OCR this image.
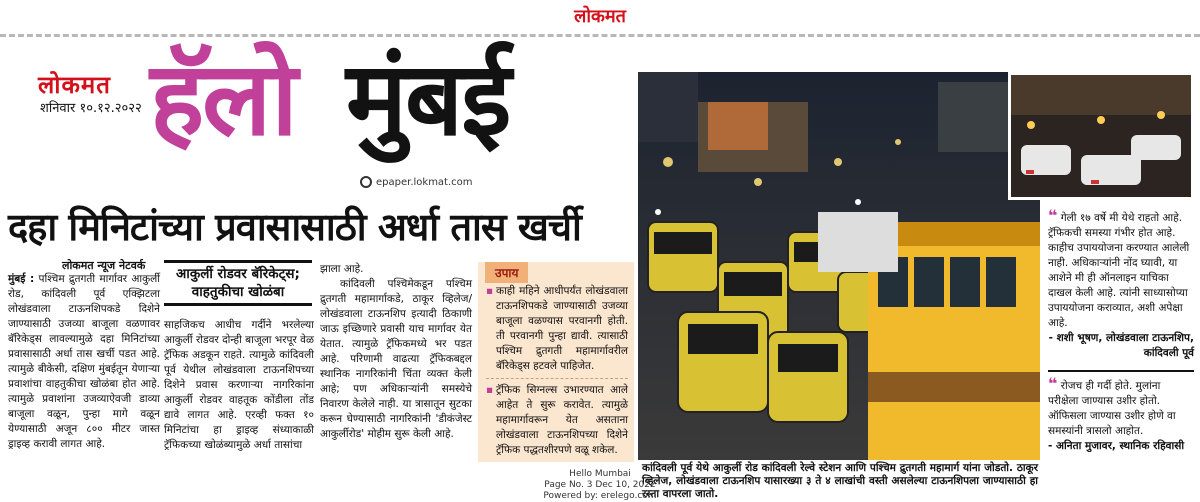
लोकमत
लोकमत
शनिवार १०.१२.२०२२ हॅलो मुंबई
epaper.lokmat.com
दहा मिनिटांच्या प्रवासासाठी अर्धा तास खर्ची
लोकमत न्यूज नेटवर्क
मुंबई : पश्चिम द्रुतगती मार्गावर आकुर्ली रोड, कांदिवली पूर्व एक्झिटला लोखंडवाला टाऊनशिपकडे दिशेने जाण्यासाठी उजव्या बाजूला वळणावर बॅरिकेड्स लावल्यामुळे दहा मिनिटांच्या प्रवासासाठी अर्धा तास खर्ची पडत आहे. त्यामुळे बीकेसी, दक्षिण मुंबईतून येणाऱ्या प्रवाशांचा वाहतुकीचा खोळंबा होत आहे. त्यामुळे प्रवाशांना उजव्याऐवजी डाव्या बाजूला वळून, पुन्हा मागे वळून येण्यासाठी अजून ८०० मीटर जास्त ड्राइव्ह करावी लागत आहे.
आकुर्ली रोडवर बॅरिकेट्स; वाहतुकीचा खोळंबा
साहजिकच आधीच गर्दीने भरलेल्या आकुर्ली रोडवर दोन्ही बाजूला भरपूर वेळ ट्रॅफिक अडकून राहते. त्यामुळे कांदिवली पूर्व येथील लोखंडवाला टाऊनशिपच्या दिशेने प्रवास करणाऱ्या नागरिकांना आकुर्ली रोडवर वाहतूक कोंडीला तोंड द्यावे लागत आहे. एरव्ही फक्त १० मिनिटांचा हा ड्राइव्ह संध्याकाळी ट्रॅफिकच्या खोळंब्यामुळे अर्धा तासांचा
झाला आहे.
कांदिवली पश्चिमेकडून पश्चिम द्रुतगती महामार्गाकडे, ठाकूर व्हिलेज/लोखंडवाला टाऊनशिप इत्यादी ठिकाणी जाऊ इच्छिणारे प्रवासी याच मार्गावर येत येतात. त्यामुळे ट्रॅफिकमध्ये भर पडत आहे. परिणामी वाढत्या ट्रॅफिकबद्दल स्थानिक नागरिकांनी चिंता व्यक्त केली आहे; पण अधिकाऱ्यांनी समस्येचे निवारण केलेले नाही. या त्रासातून सुटका करून घेण्यासाठी नागरिकांनी 'डीकंजेस्ट आकुर्लीरोड' मोहीम सुरू केली आहे.
▪ काही महिने आधीपर्यंत लोखंडवाला टाऊनशिपकडे जाण्यासाठी उजव्या बाजूला वळण्यास परवानगी होती. ती परवानगी पुन्हा द्यावी. त्यासाठी पश्चिम द्रुतगती महामार्गावरील बॅरिकेड्स हटवले पाहिजेत.
▪ ट्रॅफिक सिग्नल्स उभारण्यात आले आहेत ते सुरू करावेत. त्यामुळे महामार्गावरून येत असताना लोखंडवाला टाऊनशिपच्या दिशेने ट्रॅफिक पद्धतशीरपणे वळू शकेल.
उपाय
कांदिवली पूर्व येथे आकुर्ली रोड कांदिवली रेल्वे स्टेशन आणि पश्चिम द्रुतगती महामार्ग यांना जोडतो. ठाकूर व्हिलेज, लोखंडवाला टाऊनशिप यासारख्या ३ ते ४ लाखांची वस्ती असलेल्या टाऊनशिपला जाण्यासाठी हा रस्ता वापरला जातो.
❝ गेली १७ वर्षे मी येथे राहतो आहे. ट्रॅफिकची समस्या गंभीर होत आहे. काहीच उपाययोजना करण्यात आलेली नाही. अधिकाऱ्यांनी नोंद घ्यावी, या आशेने मी ही ऑनलाइन याचिका दाखल केली आहे. त्यांनी साध्यासोप्या उपाययोजना कराव्यात, अशी अपेक्षा आहे.
- शशी भूषण, लोखंडवाला टाऊनशिप, कांदिवली पूर्व
❝ रोजच ही गर्दी होते. मुलांना परीक्षेला जाण्यास उशीर होतो. ऑफिसला जाण्यास उशीर होणे वा समस्यांनी त्रासलो आहोत.
- अनिता मुजावर, स्थानिक रहिवासी
Hello Mumbai
Page No. 3 Dec 10, 2022
Powered by: erelego.com
